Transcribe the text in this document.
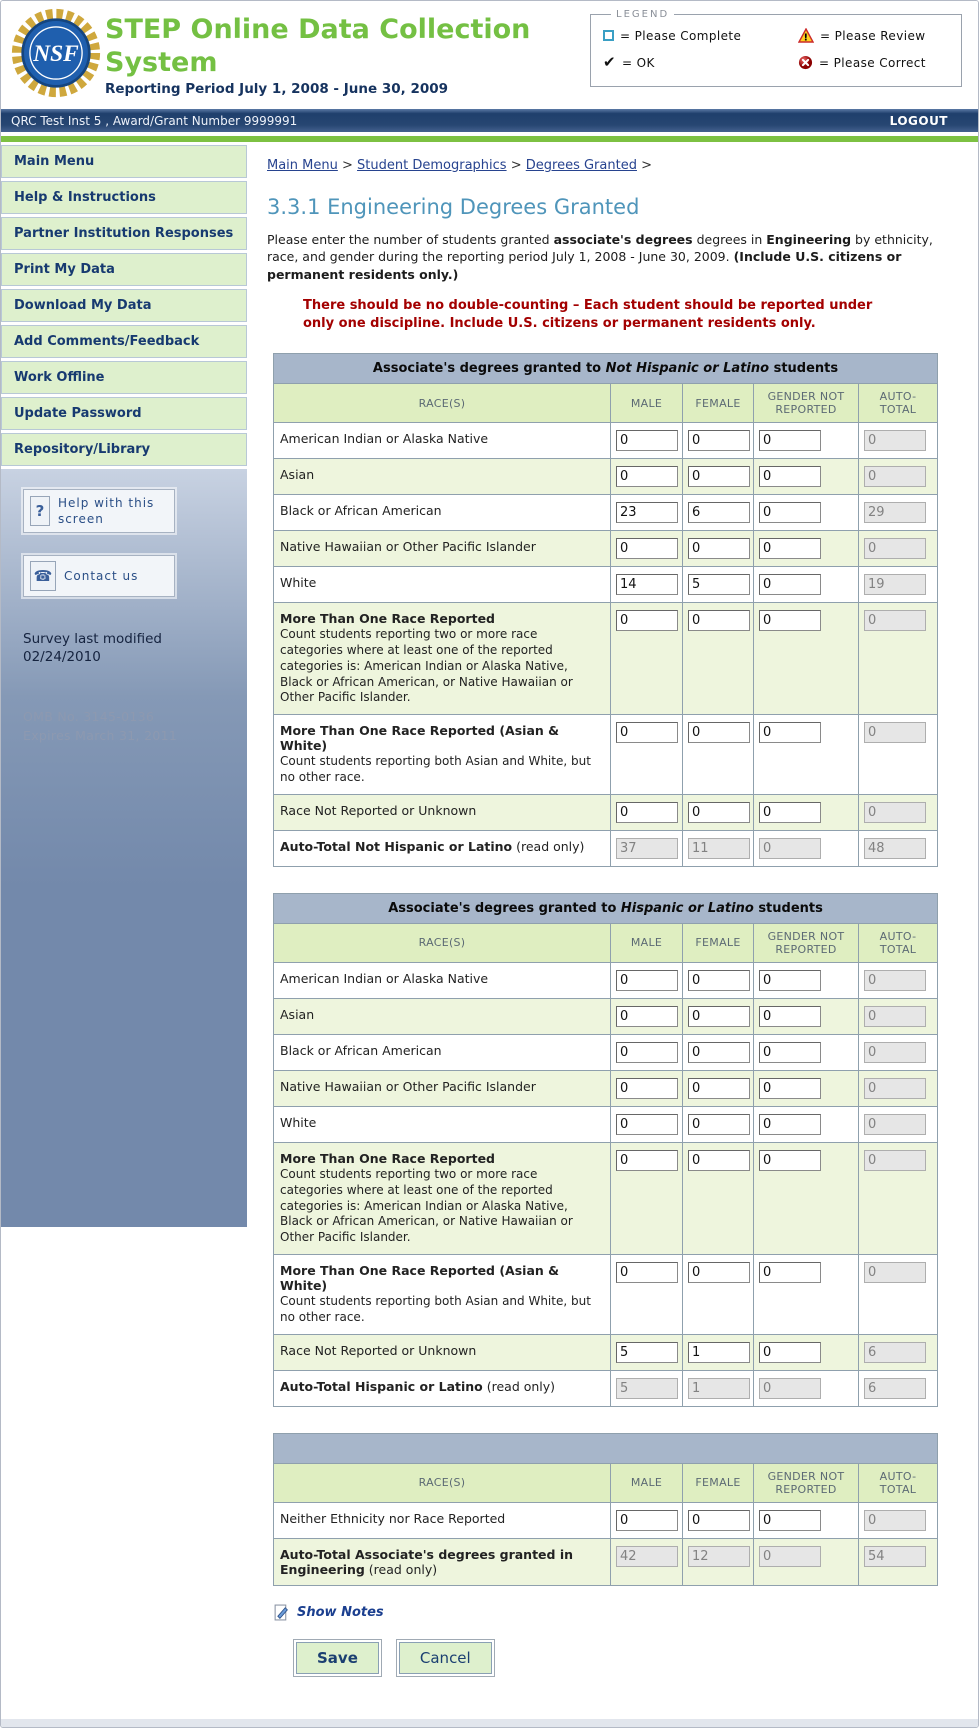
NSF
STEP Online Data Collection System
Reporting Period July 1, 2008 - June 30, 2009
LEGEND
= Please Complete	! = Please Review
✔ = OK	= Please Correct
QRC Test Inst 5 , Award/Grant Number 9999991	LOGOUT
Main Menu
Help & Instructions
Partner Institution Responses
Print My Data
Download My Data
Add Comments/Feedback
Work Offline
Update Password
Repository/Library
?	Help with this screen
☎ Contact us
Survey last modified 02/24/2010
OMB No. 3145-0136
Expires March 31, 2011
Main Menu > Student Demographics > Degrees Granted >
3.3.1 Engineering Degrees Granted

Please enter the number of students granted associate's degrees degrees in Engineering by ethnicity, race, and gender during the reporting period July 1, 2008 - June 30, 2009. (Include U.S. citizens or permanent residents only.)

There should be no double-counting – Each student should be reported under only one discipline. Include U.S. citizens or permanent residents only.
Associate's degrees granted to Not Hispanic or Latino students				
RACE(S)	MALE	FEMALE	GENDER NOT REPORTED	AUTO-TOTAL
American Indian or Alaska Native	0	0	0	0
Asian	0	0	0	0
Black or African American	23	6	0	29
Native Hawaiian or Other Pacific Islander	0	0	0	0
White	14	5	0	19
More Than One Race Reported
Count students reporting two or more race categories where at least one of the reported categories is: American Indian or Alaska Native, Black or African American, or Native Hawaiian or Other Pacific Islander.
	0	0	0	0
More Than One Race Reported (Asian & White)
Count students reporting both Asian and White, but no other race.
	0	0	0	0
Race Not Reported or Unknown	0	0	0	0
Auto-Total Not Hispanic or Latino (read only)	37	11	0	48
Associate's degrees granted to Hispanic or Latino students				
RACE(S)	MALE	FEMALE	GENDER NOT REPORTED	AUTO-TOTAL
American Indian or Alaska Native	0	0	0	0
Asian	0	0	0	0
Black or African American	0	0	0	0
Native Hawaiian or Other Pacific Islander	0	0	0	0
White	0	0	0	0
More Than One Race Reported
Count students reporting two or more race categories where at least one of the reported categories is: American Indian or Alaska Native, Black or African American, or Native Hawaiian or Other Pacific Islander.
	0	0	0	0
More Than One Race Reported (Asian & White)
Count students reporting both Asian and White, but no other race.
	0	0	0	0
Race Not Reported or Unknown	5	1	0	6
Auto-Total Hispanic or Latino (read only)	5	1	0	6

RACE(S)	MALE	FEMALE	GENDER NOT REPORTED	AUTO-TOTAL
Neither Ethnicity nor Race Reported	0	0	0	0
Auto-Total Associate's degrees granted in Engineering (read only)	42	12	0	54
Show Notes
Save	Cancel
